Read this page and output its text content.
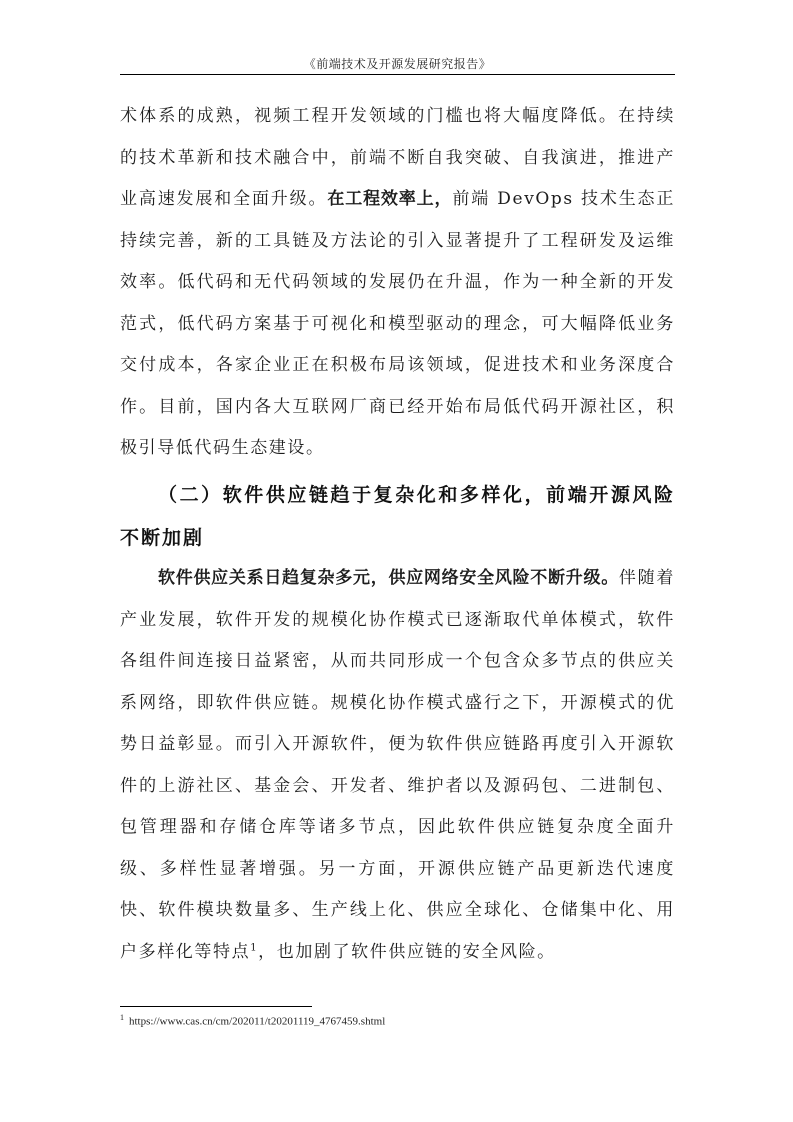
《前端技术及开源发展研究报告》
术体系的成熟，视频工程开发领域的门槛也将大幅度降低。在持续的技术革新和技术融合中，前端不断自我突破、自我演进，推进产业高速发展和全面升级。在工程效率上，前端 DevOps 技术生态正持续完善，新的工具链及方法论的引入显著提升了工程研发及运维效率。低代码和无代码领域的发展仍在升温，作为一种全新的开发范式，低代码方案基于可视化和模型驱动的理念，可大幅降低业务交付成本，各家企业正在积极布局该领域，促进技术和业务深度合作。目前，国内各大互联网厂商已经开始布局低代码开源社区，积极引导低代码生态建设。
（二）软件供应链趋于复杂化和多样化，前端开源风险不断加剧
软件供应关系日趋复杂多元，供应网络安全风险不断升级。伴随着产业发展，软件开发的规模化协作模式已逐渐取代单体模式，软件各组件间连接日益紧密，从而共同形成一个包含众多节点的供应关系网络，即软件供应链。规模化协作模式盛行之下，开源模式的优势日益彰显。而引入开源软件，便为软件供应链路再度引入开源软件的上游社区、基金会、开发者、维护者以及源码包、二进制包、包管理器和存储仓库等诸多节点，因此软件供应链复杂度全面升级、多样性显著增强。另一方面，开源供应链产品更新迭代速度快、软件模块数量多、生产线上化、供应全球化、仓储集中化、用户多样化等特点$^1$，也加剧了软件供应链的安全风险。
$^1$ https://www.cas.cn/cm/202011/t20201119_4767459.shtml
